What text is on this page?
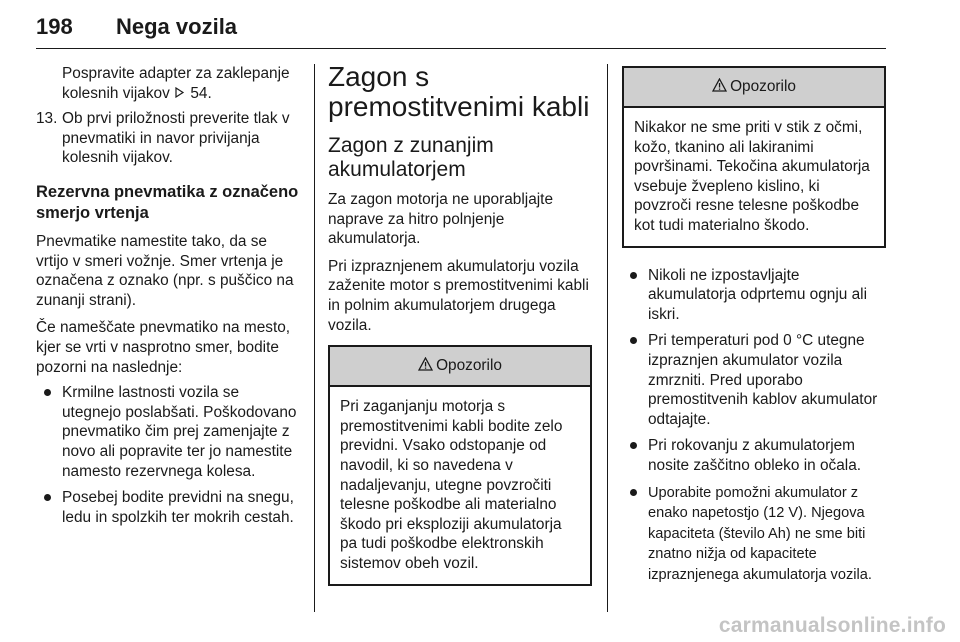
198 Nega vozila

Pospravite adapter za zaklepanje
kolesnih vijakov 54.

13. Ob prvi priložnosti preverite tlak v pnevmatiki in navor privijanja kolesnih vijakov.

Rezervna pnevmatika z označeno smerjo vrtenja

Pnevmatike namestite tako, da se vrtijo v smeri vožnje. Smer vrtenja je označena z oznako (npr. s puščico na zunanji strani).

Če nameščate pnevmatiko na mesto, kjer se vrti v nasprotno smer, bodite pozorni na naslednje:

Krmilne lastnosti vozila se utegnejo poslabšati. Poškodovano pnevmatiko čim prej zamenjajte z novo ali popravite ter jo namestite namesto rezervnega kolesa.
Posebej bodite previdni na snegu, ledu in spolzkih ter mokrih cestah.

Zagon s premostitvenimi kabli

Zagon z zunanjim akumulatorjem

Za zagon motorja ne uporabljajte naprave za hitro polnjenje akumulatorja.

Pri izpraznjenem akumulatorju vozila zaženite motor s premostitvenimi kabli in polnim akumulatorjem drugega vozila.

Opozorilo
Pri zaganjanju motorja s premostitvenimi kabli bodite zelo previdni. Vsako odstopanje od navodil, ki so navedena v nadaljevanju, utegne povzročiti telesne poškodbe ali materialno škodo pri eksploziji akumulatorja pa tudi poškodbe elektronskih sistemov obeh vozil.
Opozorilo
Nikakor ne sme priti v stik z očmi, kožo, tkanino ali lakiranimi površinami. Tekočina akumulatorja vsebuje žvepleno kislino, ki povzroči resne telesne poškodbe kot tudi materialno škodo.
Nikoli ne izpostavljajte akumulatorja odprtemu ognju ali iskri.
Pri temperaturi pod 0 °C utegne izpraznjen akumulator vozila zmrzniti. Pred uporabo premostitvenih kablov akumulator odtajajte.
Pri rokovanju z akumulatorjem nosite zaščitno obleko in očala.
Uporabite pomožni akumulator z enako napetostjo (12 V). Njegova kapaciteta (število Ah) ne sme biti znatno nižja od kapacitete izpraznjenega akumulatorja vozila.
carmanualsonline.info
